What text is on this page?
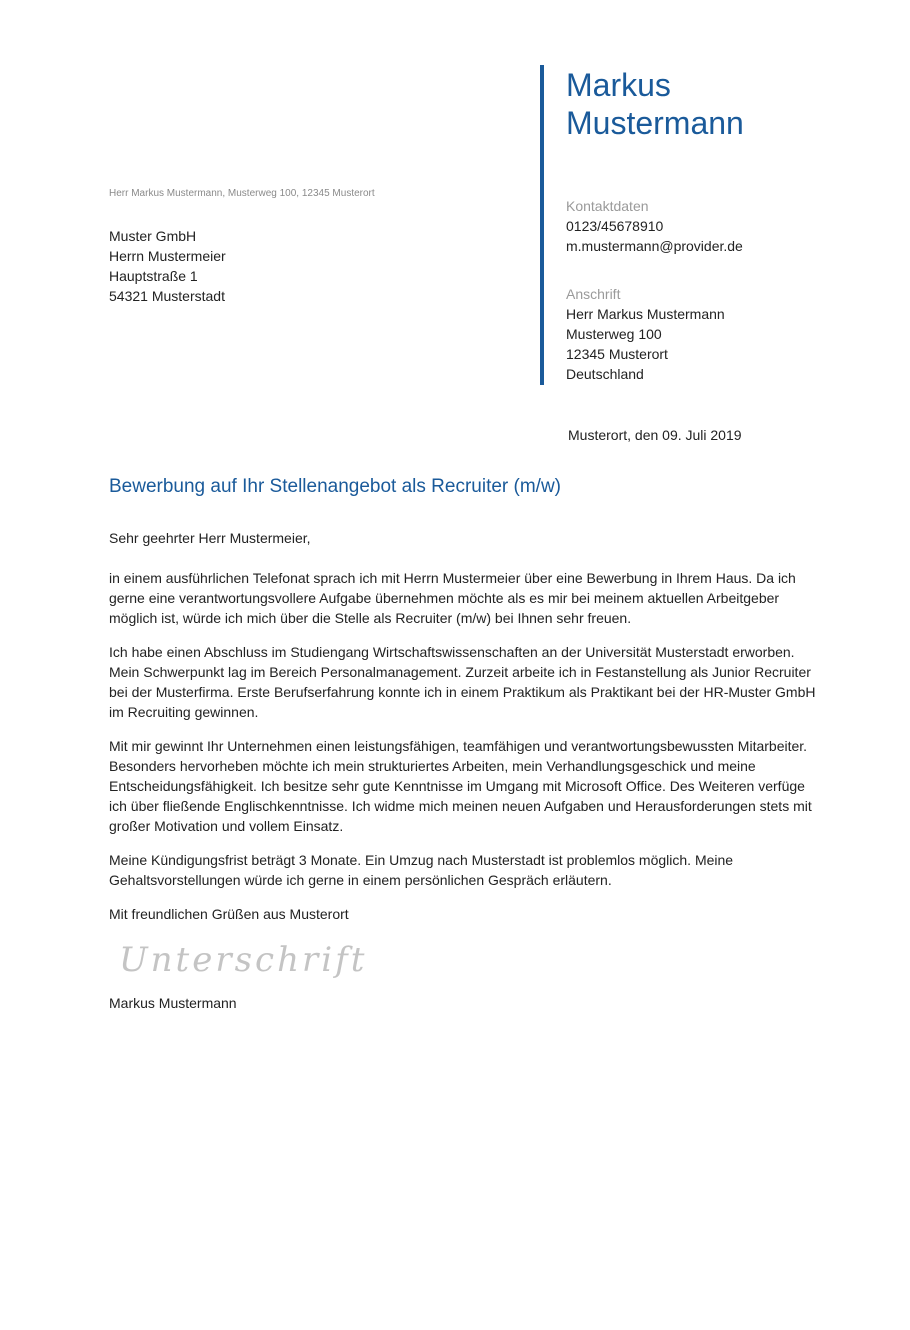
Markus
Mustermann
Kontaktdaten
0123/45678910
m.mustermann@provider.de
Anschrift
Herr Markus Mustermann
Musterweg 100
12345 Musterort
Deutschland
Herr Markus Mustermann, Musterweg 100, 12345 Musterort
Muster GmbH
Herrn Mustermeier
Hauptstraße 1
54321 Musterstadt
Musterort, den 09. Juli 2019
Bewerbung auf Ihr Stellenangebot als Recruiter (m/w)

Sehr geehrter Herr Mustermeier,

in einem ausführlichen Telefonat sprach ich mit Herrn Mustermeier über eine Bewerbung in Ihrem Haus. Da ich gerne eine verantwortungsvollere Aufgabe übernehmen möchte als es mir bei meinem aktuellen Arbeitgeber möglich ist, würde ich mich über die Stelle als Recruiter (m/w) bei Ihnen sehr freuen.

Ich habe einen Abschluss im Studiengang Wirtschaftswissenschaften an der Universität Musterstadt erworben. Mein Schwerpunkt lag im Bereich Personalmanagement. Zurzeit arbeite ich in Festanstellung als Junior Recruiter bei der Musterfirma. Erste Berufserfahrung konnte ich in einem Praktikum als Praktikant bei der HR-Muster GmbH im Recruiting gewinnen.

Mit mir gewinnt Ihr Unternehmen einen leistungsfähigen, teamfähigen und verantwortungsbewussten Mitarbeiter. Besonders hervorheben möchte ich mein strukturiertes Arbeiten, mein Verhandlungsgeschick und meine Entscheidungsfähigkeit. Ich besitze sehr gute Kenntnisse im Umgang mit Microsoft Office. Des Weiteren verfüge ich über fließende Englischkenntnisse. Ich widme mich meinen neuen Aufgaben und Herausforderungen stets mit großer Motivation und vollem Einsatz.

Meine Kündigungsfrist beträgt 3 Monate. Ein Umzug nach Musterstadt ist problemlos möglich. Meine Gehaltsvorstellungen würde ich gerne in einem persönlichen Gespräch erläutern.

Mit freundlichen Grüßen aus Musterort

Unterschrift
Markus Mustermann
